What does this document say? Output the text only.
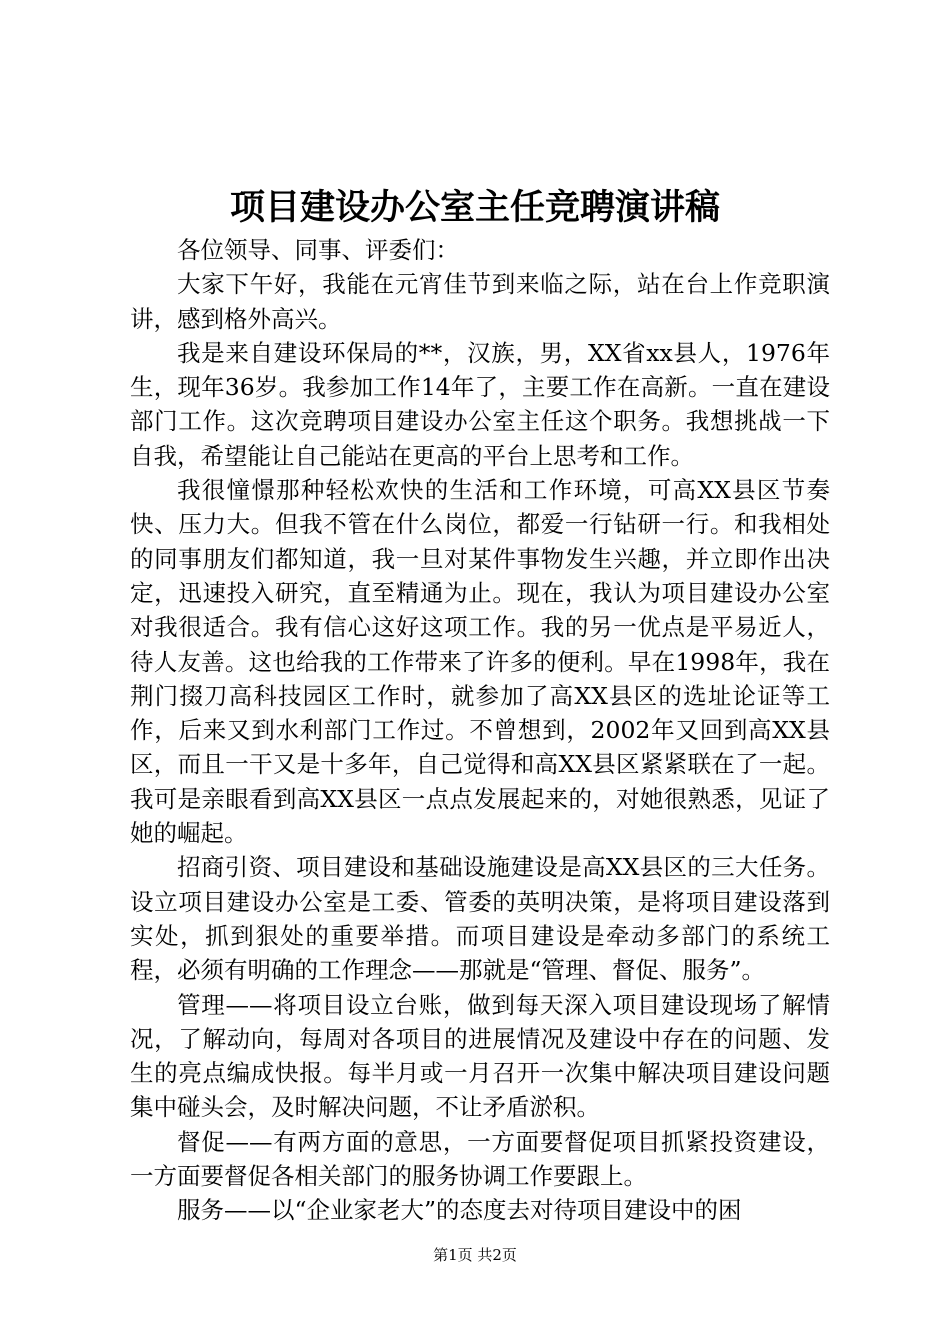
项目建设办公室主任竞聘演讲稿

各位领导、同事、评委们：

大家下午好，我能在元宵佳节到来临之际，站在台上作竞职演讲，感到格外高兴。

我是来自建设环保局的**，汉族，男，XX省xx县人，1976年生，现年36岁。我参加工作14年了，主要工作在高新。一直在建设部门工作。这次竞聘项目建设办公室主任这个职务。我想挑战一下自我，希望能让自己能站在更高的平台上思考和工作。

我很憧憬那种轻松欢快的生活和工作环境，可高XX县区节奏快、压力大。但我不管在什么岗位，都爱一行钻研一行。和我相处的同事朋友们都知道，我一旦对某件事物发生兴趣，并立即作出决定，迅速投入研究，直至精通为止。现在，我认为项目建设办公室对我很适合。我有信心这好这项工作。我的另一优点是平易近人，待人友善。这也给我的工作带来了许多的便利。早在1998年，我在荆门掇刀高科技园区工作时，就参加了高XX县区的选址论证等工作，后来又到水利部门工作过。不曾想到，2002年又回到高XX县区，而且一干又是十多年，自己觉得和高XX县区紧紧联在了一起。我可是亲眼看到高XX县区一点点发展起来的，对她很熟悉，见证了她的崛起。

招商引资、项目建设和基础设施建设是高XX县区的三大任务。设立项目建设办公室是工委、管委的英明决策，是将项目建设落到实处，抓到狠处的重要举措。而项目建设是牵动多部门的系统工程，必须有明确的工作理念——那就是“管理、督促、服务”。

管理——将项目设立台账，做到每天深入项目建设现场了解情况，了解动向，每周对各项目的进展情况及建设中存在的问题、发生的亮点编成快报。每半月或一月召开一次集中解决项目建设问题集中碰头会，及时解决问题，不让矛盾淤积。

督促——有两方面的意思，一方面要督促项目抓紧投资建设，一方面要督促各相关部门的服务协调工作要跟上。

服务——以“企业家老大”的态度去对待项目建设中的困

第1页 共2页
